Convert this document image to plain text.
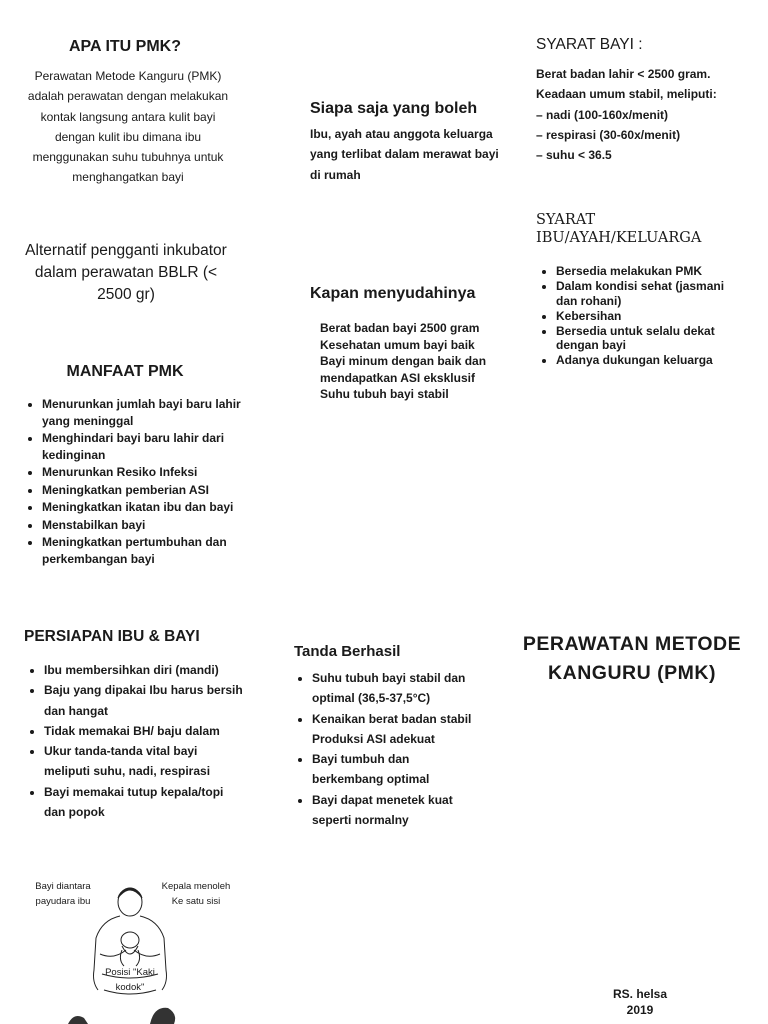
APA ITU PMK?
Perawatan Metode Kanguru (PMK) adalah perawatan dengan melakukan kontak langsung antara kulit bayi dengan kulit ibu dimana ibu menggunakan suhu tubuhnya untuk menghangatkan bayi
Alternatif pengganti inkubator dalam perawatan BBLR (< 2500 gr)
MANFAAT PMK
• Menurunkan jumlah bayi baru lahir yang meninggal
• Menghindari bayi baru lahir dari kedinginan
• Menurunkan Resiko Infeksi
• Meningkatkan pemberian ASI
• Meningkatkan ikatan ibu dan bayi
• Menstabilkan bayi
• Meningkatkan pertumbuhan dan perkembangan bayi
PERSIAPAN IBU & BAYI
• Ibu membersihkan diri (mandi)
• Baju yang dipakai Ibu harus bersih dan hangat
• Tidak memakai BH/ baju dalam
• Ukur tanda-tanda vital bayi meliputi suhu, nadi, respirasi
• Bayi memakai tutup kepala/topi dan popok
Bayi diantara payudara ibu
Kepala menoleh Ke satu sisi
Posisi "Kaki kodok"
Siapa saja yang boleh
Ibu, ayah atau anggota keluarga yang terlibat dalam merawat bayi di rumah
Kapan menyudahinya
Berat badan bayi 2500 gram
Kesehatan umum bayi baik
Bayi minum dengan baik dan mendapatkan ASI eksklusif
Suhu tubuh bayi stabil
Tanda Berhasil
• Suhu tubuh bayi stabil dan optimal (36,5-37,5°C)
• Kenaikan berat badan stabil Produksi ASI adekuat
• Bayi tumbuh dan berkembang optimal
• Bayi dapat menetek kuat seperti normalny
SYARAT BAYI :
Berat badan lahir < 2500 gram.
Keadaan umum stabil, meliputi:
– nadi (100-160x/menit)
– respirasi (30-60x/menit)
– suhu < 36.5
SYARAT IBU/AYAH/KELUARGA
• Bersedia melakukan PMK
• Dalam kondisi sehat (jasmani dan rohani)
• Kebersihan
• Bersedia untuk selalu dekat dengan bayi
• Adanya dukungan keluarga
PERAWATAN METODE KANGURU (PMK)
RS. helsa
2019
